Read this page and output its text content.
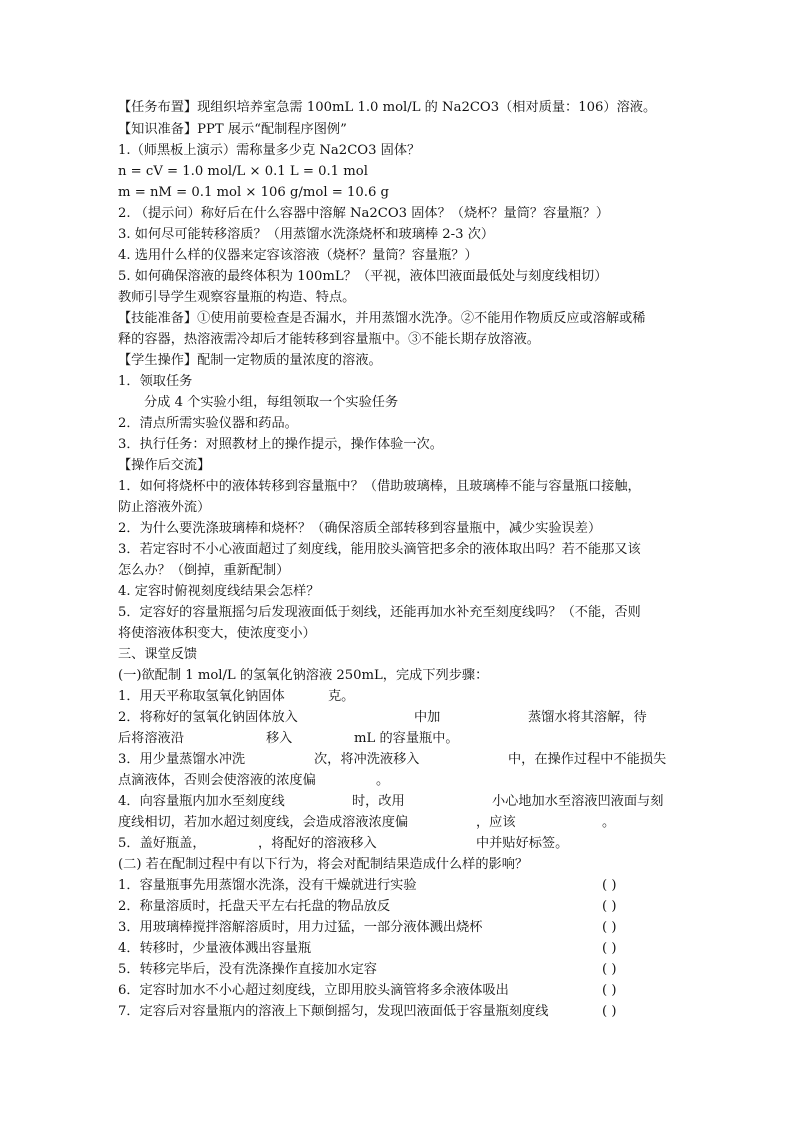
【任务布置】现组织培养室急需 100mL 1.0 mol/L 的 Na2CO3（相对质量：106）溶液。
【知识准备】PPT 展示“配制程序图例”
1.（师黑板上演示）需称量多少克 Na2CO3 固体？
n = cV = 1.0 mol/L × 0.1 L = 0.1 mol
m = nM = 0.1 mol × 106 g/mol = 10.6 g
2. （提示问）称好后在什么容器中溶解 Na2CO3 固体？（烧杯？量筒？容量瓶？）
3. 如何尽可能转移溶质？（用蒸馏水洗涤烧杯和玻璃棒 2-3 次）
4. 选用什么样的仪器来定容该溶液（烧杯？量筒？容量瓶？）
5. 如何确保溶液的最终体积为 100mL？（平视，液体凹液面最低处与刻度线相切）
教师引导学生观察容量瓶的构造、特点。
【技能准备】①使用前要检查是否漏水，并用蒸馏水洗净。②不能用作物质反应或溶解或稀
释的容器，热溶液需冷却后才能转移到容量瓶中。③不能长期存放溶液。
【学生操作】配制一定物质的量浓度的溶液。
1．领取任务
分成 4 个实验小组，每组领取一个实验任务
2．清点所需实验仪器和药品。
3．执行任务：对照教材上的操作提示，操作体验一次。
【操作后交流】
1．如何将烧杯中的液体转移到容量瓶中？（借助玻璃棒，且玻璃棒不能与容量瓶口接触，
防止溶液外流）
2．为什么要洗涤玻璃棒和烧杯？（确保溶质全部转移到容量瓶中，减少实验误差）
3．若定容时不小心液面超过了刻度线，能用胶头滴管把多余的液体取出吗？若不能那又该
怎么办？（倒掉，重新配制）
4. 定容时俯视刻度线结果会怎样？
5．定容好的容量瓶摇匀后发现液面低于刻线，还能再加水补充至刻度线吗？（不能，否则
将使溶液体积变大，使浓度变小）
三、课堂反馈
(一)欲配制 1 mol/L 的氢氧化钠溶液 250mL，完成下列步骤：
1．用天平称取氢氧化钠固体	克。
2．将称好的氢氧化钠固体放入	中加	蒸馏水将其溶解，待
后将溶液沿	移入	mL 的容量瓶中。
3．用少量蒸馏水冲洗	次，将冲洗液移入	中，在操作过程中不能损失
点滴液体，否则会使溶液的浓度偏	。
4．向容量瓶内加水至刻度线	时，改用	小心地加水至溶液凹液面与刻
度线相切，若加水超过刻度线，会造成溶液浓度偏	，应该	。
5．盖好瓶盖，	，将配好的溶液移入	中并贴好标签。
(二) 若在配制过程中有以下行为，将会对配制结果造成什么样的影响？
1．容量瓶事先用蒸馏水洗涤，没有干燥就进行实验	( )
2．称量溶质时，托盘天平左右托盘的物品放反	( )
3．用玻璃棒搅拌溶解溶质时，用力过猛，一部分液体溅出烧杯	( )
4．转移时，少量液体溅出容量瓶	( )
5．转移完毕后，没有洗涤操作直接加水定容	( )
6．定容时加水不小心超过刻度线，立即用胶头滴管将多余液体吸出	( )
7．定容后对容量瓶内的溶液上下颠倒摇匀，发现凹液面低于容量瓶刻度线	( )
